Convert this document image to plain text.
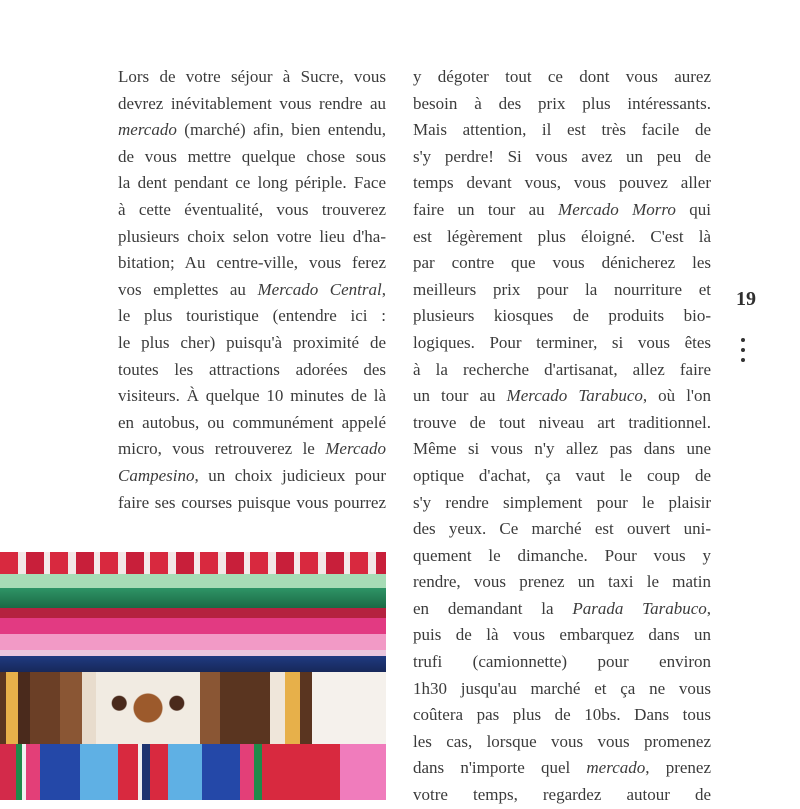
Lors de votre séjour à Sucre, vous
devrez inévitablement vous rendre au
mercado (marché) afin, bien entendu,
de vous mettre quelque chose sous
la dent pendant ce long périple. Face
à cette éventualité, vous trouverez
plusieurs choix selon votre lieu d'ha-
bitation; Au centre-ville, vous ferez
vos emplettes au Mercado Central,
le plus touristique (entendre ici :
le plus cher) puisqu'à proximité de
toutes les attractions adorées des
visiteurs. À quelque 10 minutes de là
en autobus, ou communément appelé
micro, vous retrouverez le Mercado
Campesino, un choix judicieux pour
faire ses courses puisque vous pourrez
y dégoter tout ce dont vous aurez
besoin à des prix plus intéressants.
Mais attention, il est très facile de
s'y perdre! Si vous avez un peu de
temps devant vous, vous pouvez aller
faire un tour au Mercado Morro qui
est légèrement plus éloigné. C'est là
par contre que vous dénicherez les
meilleurs prix pour la nourriture et
plusieurs kiosques de produits bio-
logiques. Pour terminer, si vous êtes
à la recherche d'artisanat, allez faire
un tour au Mercado Tarabuco, où l'on
trouve de tout niveau art traditionnel.
Même si vous n'y allez pas dans une
optique d'achat, ça vaut le coup de
s'y rendre simplement pour le plaisir
des yeux. Ce marché est ouvert uni-
quement le dimanche. Pour vous y
rendre, vous prenez un taxi le matin
en demandant la Parada Tarabuco,
puis de là vous embarquez dans un
trufi (camionnette) pour environ
1h30 jusqu'au marché et ça ne vous
coûtera pas plus de 10bs. Dans tous
les cas, lorsque vous vous promenez
dans n'importe quel mercado, prenez
votre temps, regardez autour de
19
